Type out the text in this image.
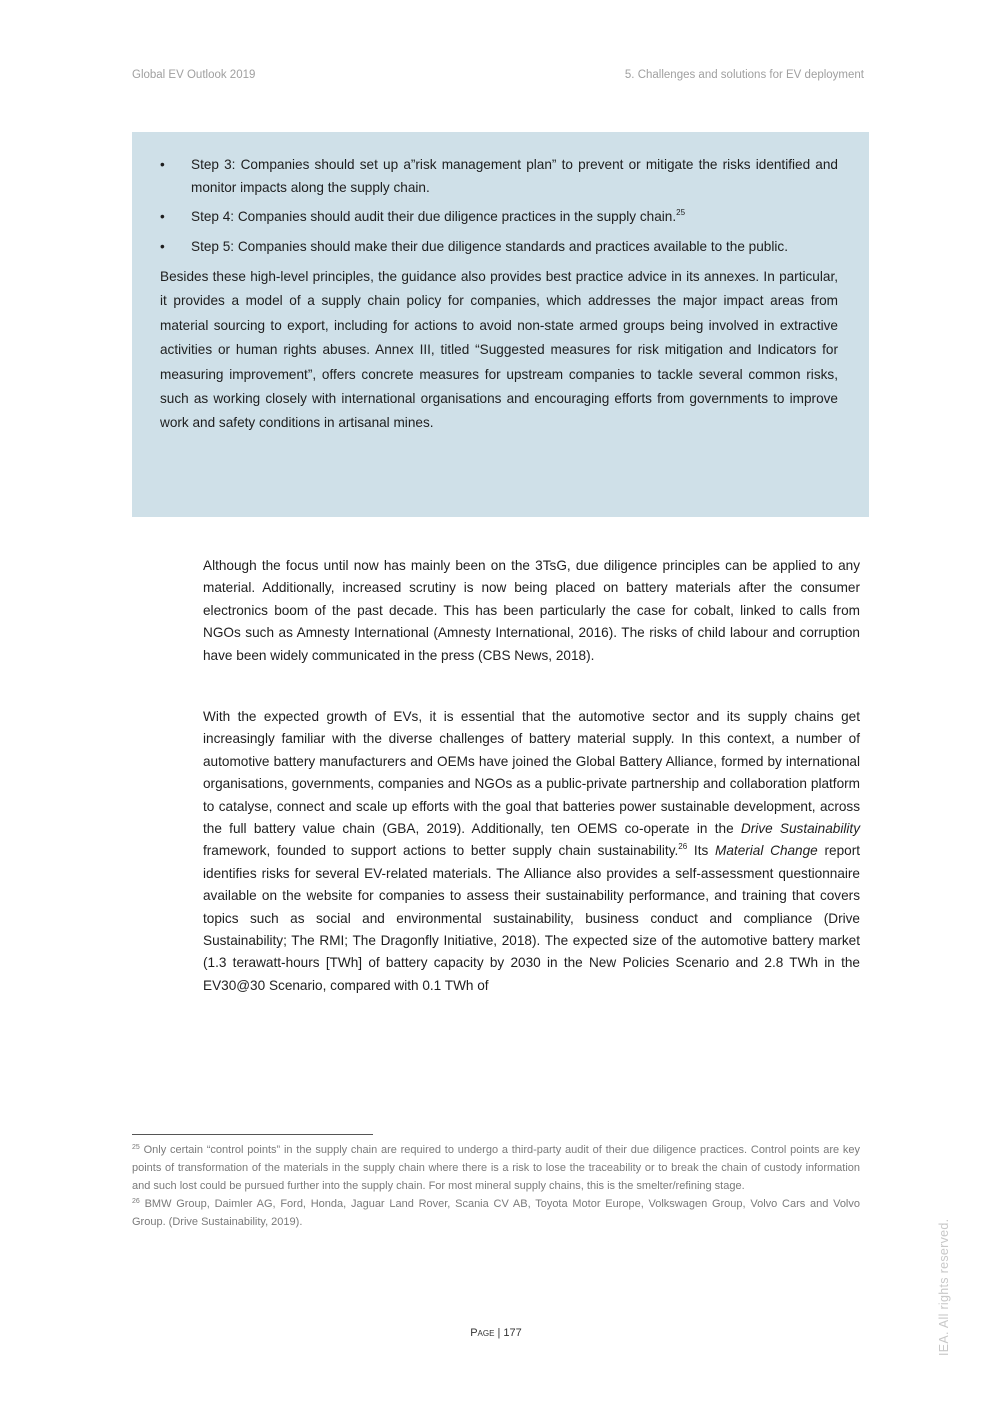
Global EV Outlook 2019	5. Challenges and solutions for EV deployment
• Step 3: Companies should set up a”risk management plan” to prevent or mitigate the risks identified and monitor impacts along the supply chain.
• Step 4: Companies should audit their due diligence practices in the supply chain.$^{25}$
• Step 5: Companies should make their due diligence standards and practices available to the public.

Besides these high-level principles, the guidance also provides best practice advice in its annexes. In particular, it provides a model of a supply chain policy for companies, which addresses the major impact areas from material sourcing to export, including for actions to avoid non-state armed groups being involved in extractive activities or human rights abuses. Annex III, titled “Suggested measures for risk mitigation and Indicators for measuring improvement”, offers concrete measures for upstream companies to tackle several common risks, such as working closely with international organisations and encouraging efforts from governments to improve work and safety conditions in artisanal mines.

Although the focus until now has mainly been on the 3TsG, due diligence principles can be applied to any material. Additionally, increased scrutiny is now being placed on battery materials after the consumer electronics boom of the past decade. This has been particularly the case for cobalt, linked to calls from NGOs such as Amnesty International (Amnesty International, 2016). The risks of child labour and corruption have been widely communicated in the press (CBS News, 2018).
With the expected growth of EVs, it is essential that the automotive sector and its supply chains get increasingly familiar with the diverse challenges of battery material supply. In this context, a number of automotive battery manufacturers and OEMs have joined the Global Battery Alliance, formed by international organisations, governments, companies and NGOs as a public-private partnership and collaboration platform to catalyse, connect and scale up efforts with the goal that batteries power sustainable development, across the full battery value chain (GBA, 2019). Additionally, ten OEMS co-operate in the Drive Sustainability framework, founded to support actions to better supply chain sustainability.$^{26}$ Its Material Change report identifies risks for several EV-related materials. The Alliance also provides a self-assessment questionnaire available on the website for companies to assess their sustainability performance, and training that covers topics such as social and environmental sustainability, business conduct and compliance (Drive Sustainability; The RMI; The Dragonfly Initiative, 2018). The expected size of the automotive battery market (1.3 terawatt-hours [TWh] of battery capacity by 2030 in the New Policies Scenario and 2.8 TWh in the EV30@30 Scenario, compared with 0.1 TWh of

$^{25}$ Only certain “control points” in the supply chain are required to undergo a third-party audit of their due diligence practices. Control points are key points of transformation of the materials in the supply chain where there is a risk to lose the traceability or to break the chain of custody information and such lost could be pursued further into the supply chain. For most mineral supply chains, this is the smelter/refining stage.

$^{26}$ BMW Group, Daimler AG, Ford, Honda, Jaguar Land Rover, Scania CV AB, Toyota Motor Europe, Volkswagen Group, Volvo Cars and Volvo Group. (Drive Sustainability, 2019).

Page | 177	IEA. All rights reserved.
